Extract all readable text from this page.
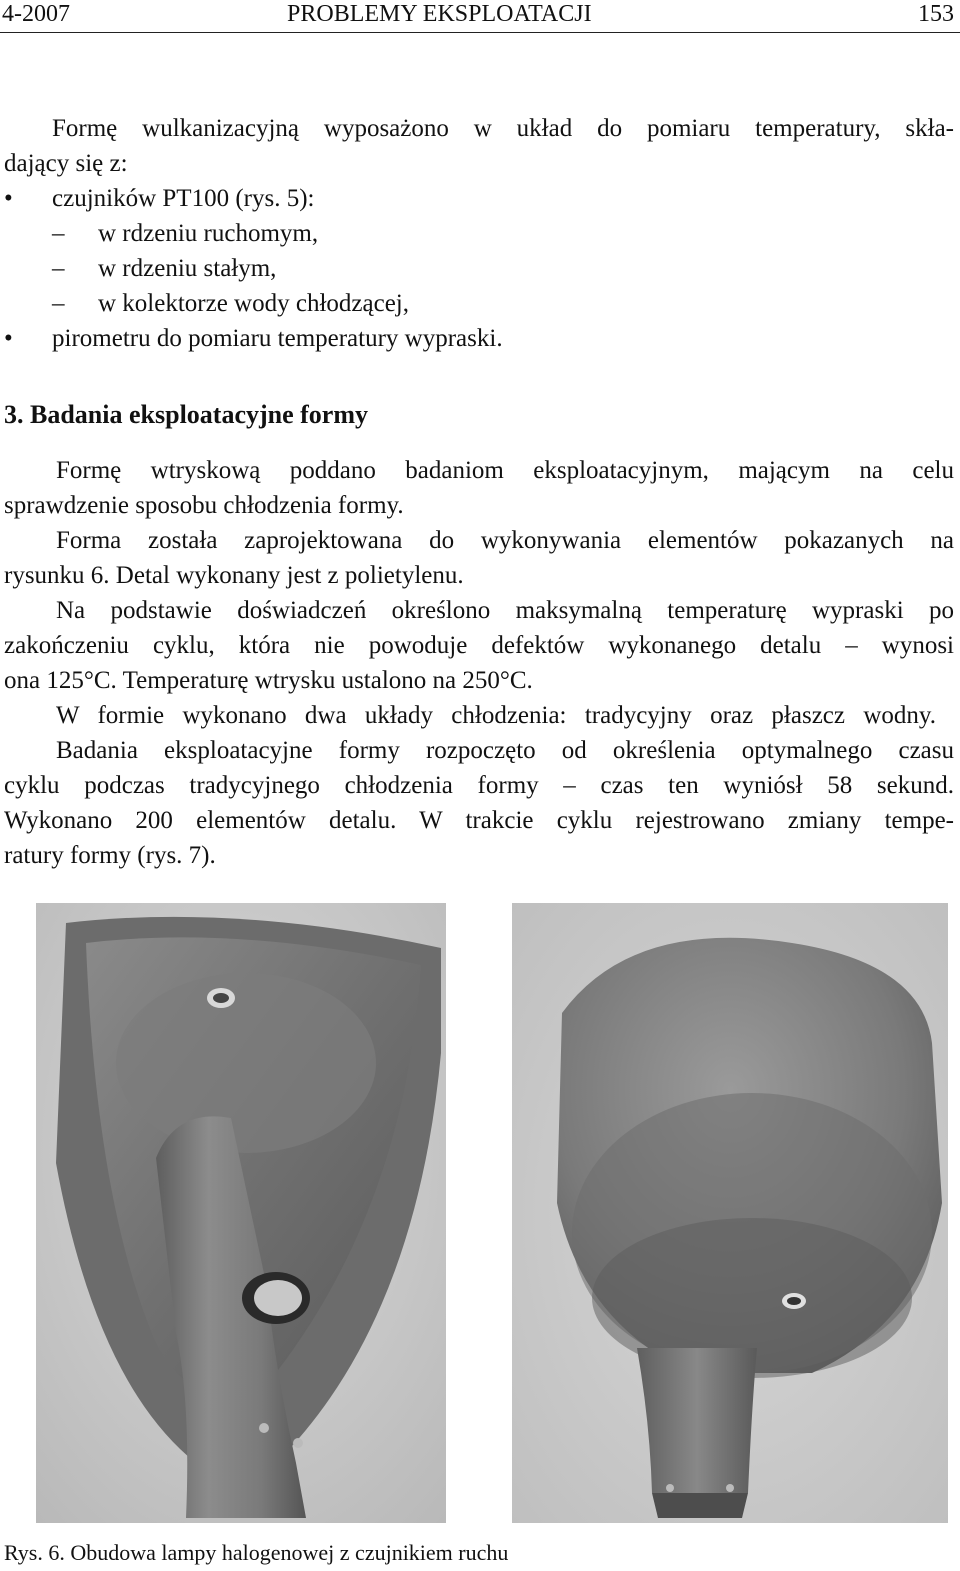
4-2007	PROBLEMY EKSPLOATACJI	153
Formę wulkanizacyjną wyposażono w układ do pomiaru temperatury, skła-
dający się z:
• czujników PT100 (rys. 5):
– w rdzeniu ruchomym,
– w rdzeniu stałym,
– w kolektorze wody chłodzącej,
• pirometru do pomiaru temperatury wypraski.
3. Badania eksploatacyjne formy
Formę wtryskową poddano badaniom eksploatacyjnym, mającym na celu
sprawdzenie sposobu chłodzenia formy.
Forma została zaprojektowana do wykonywania elementów pokazanych na
rysunku 6. Detal wykonany jest z polietylenu.
Na podstawie doświadczeń określono maksymalną temperaturę wypraski po
zakończeniu cyklu, która nie powoduje defektów wykonanego detalu – wynosi
ona 125°C. Temperaturę wtrysku ustalono na 250°C.
W formie wykonano dwa układy chłodzenia: tradycyjny oraz płaszcz wodny.
Badania eksploatacyjne formy rozpoczęto od określenia optymalnego czasu
cyklu podczas tradycyjnego chłodzenia formy – czas ten wyniósł 58 sekund.
Wykonano 200 elementów detalu. W trakcie cyklu rejestrowano zmiany tempe-
ratury formy (rys. 7).
Rys. 6. Obudowa lampy halogenowej z czujnikiem ruchu
